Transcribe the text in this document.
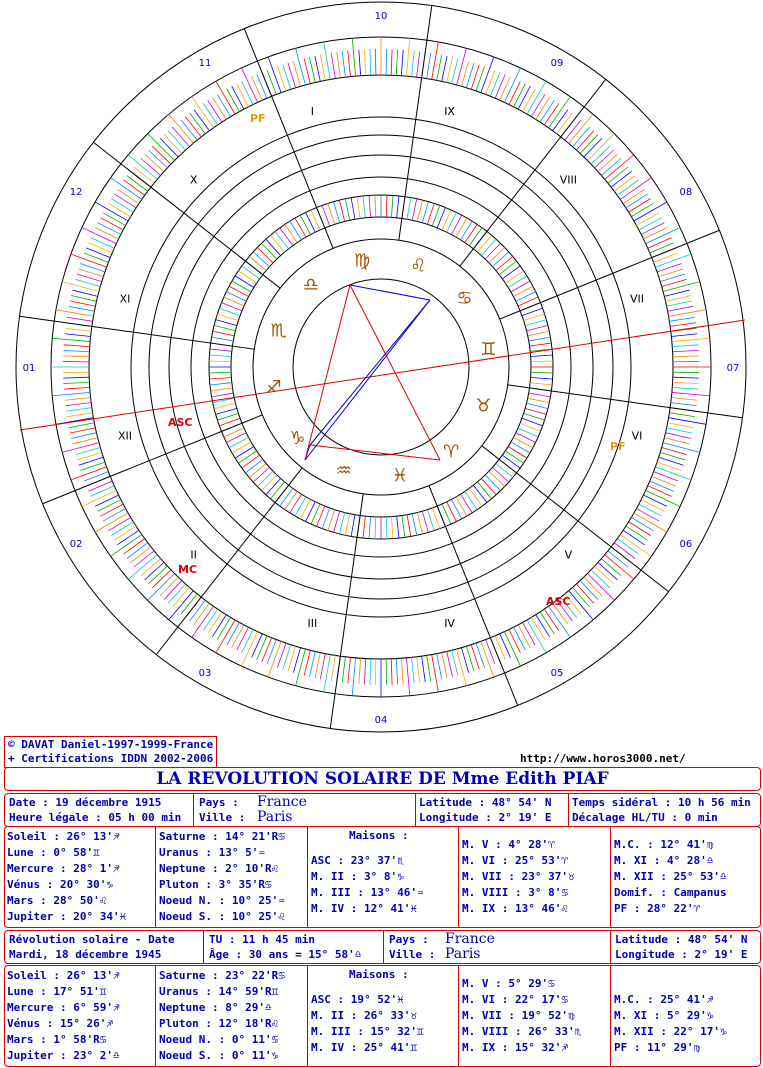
♍ ♌
♋
♊
♉
♈
♓
♒
♑
♐
♏
♎
10
09
08
07
06
05
04
03
02
01
12
11
IX
VIII
VII
VI
V
IV
III
II
XII
XI
X
I
ASC
ASC
MC
PF
PF
© DAVAT Daniel-1997-1999-France
+ Certifications IDDN 2002-2006	http://www.horos3000.net/
LA REVOLUTION SOLAIRE DE Mme Edith PIAF
Date : 19 décembre 1915
Heure légale : 05 h 00 min
Pays : France
Ville : Paris
Latitude : 48° 54' N
Longitude : 2° 19' E
Temps sidéral : 10 h 56 min
Décalage HL/TU : 0 min
Soleil : 26° 13'♐
Lune : 0° 58'♊
Mercure : 28° 1'♐
Vénus : 20° 30'♑
Mars : 28° 50'♌
Jupiter : 20° 34'♓
Saturne : 14° 21'R♋
Uranus : 13° 5'♒
Neptune : 2° 10'R♌
Pluton : 3° 35'R♋
Noeud N. : 10° 25'♒
Noeud S. : 10° 25'♌
Maisons :
ASC : 23° 37'♏
M. II : 3° 8'♑
M. III : 13° 46'♒
M. IV : 12° 41'♓
M. V : 4° 28'♈
M. VI : 25° 53'♈
M. VII : 23° 37'♉
M. VIII : 3° 8'♋
M. IX : 13° 46'♌
M.C. : 12° 41'♍
M. XI : 4° 28'♎
M. XII : 25° 53'♎
Domif. : Campanus
PF : 28° 22'♈
Révolution solaire - Date
Mardi, 18 décembre 1945
TU : 11 h 45 min
Âge : 30 ans = 15° 58'♎
Pays : France
Ville : Paris
Latitude : 48° 54' N
Longitude : 2° 19' E
Soleil : 26° 13'♐
Lune : 17° 51'♊
Mercure : 6° 59'♐
Vénus : 15° 26'♐
Mars : 1° 58'R♋
Jupiter : 23° 2'♎
Saturne : 23° 22'R♋
Uranus : 14° 59'R♊
Neptune : 8° 29'♎
Pluton : 12° 18'R♌
Noeud N. : 0° 11'♋
Noeud S. : 0° 11'♑
Maisons :
ASC : 19° 52'♓
M. II : 26° 33'♉
M. III : 15° 32'♊
M. IV : 25° 41'♊
M. V : 5° 29'♋
M. VI : 22° 17'♋
M. VII : 19° 52'♍
M. VIII : 26° 33'♏
M. IX : 15° 32'♐
M.C. : 25° 41'♐
M. XI : 5° 29'♑
M. XII : 22° 17'♑
PF : 11° 29'♍
